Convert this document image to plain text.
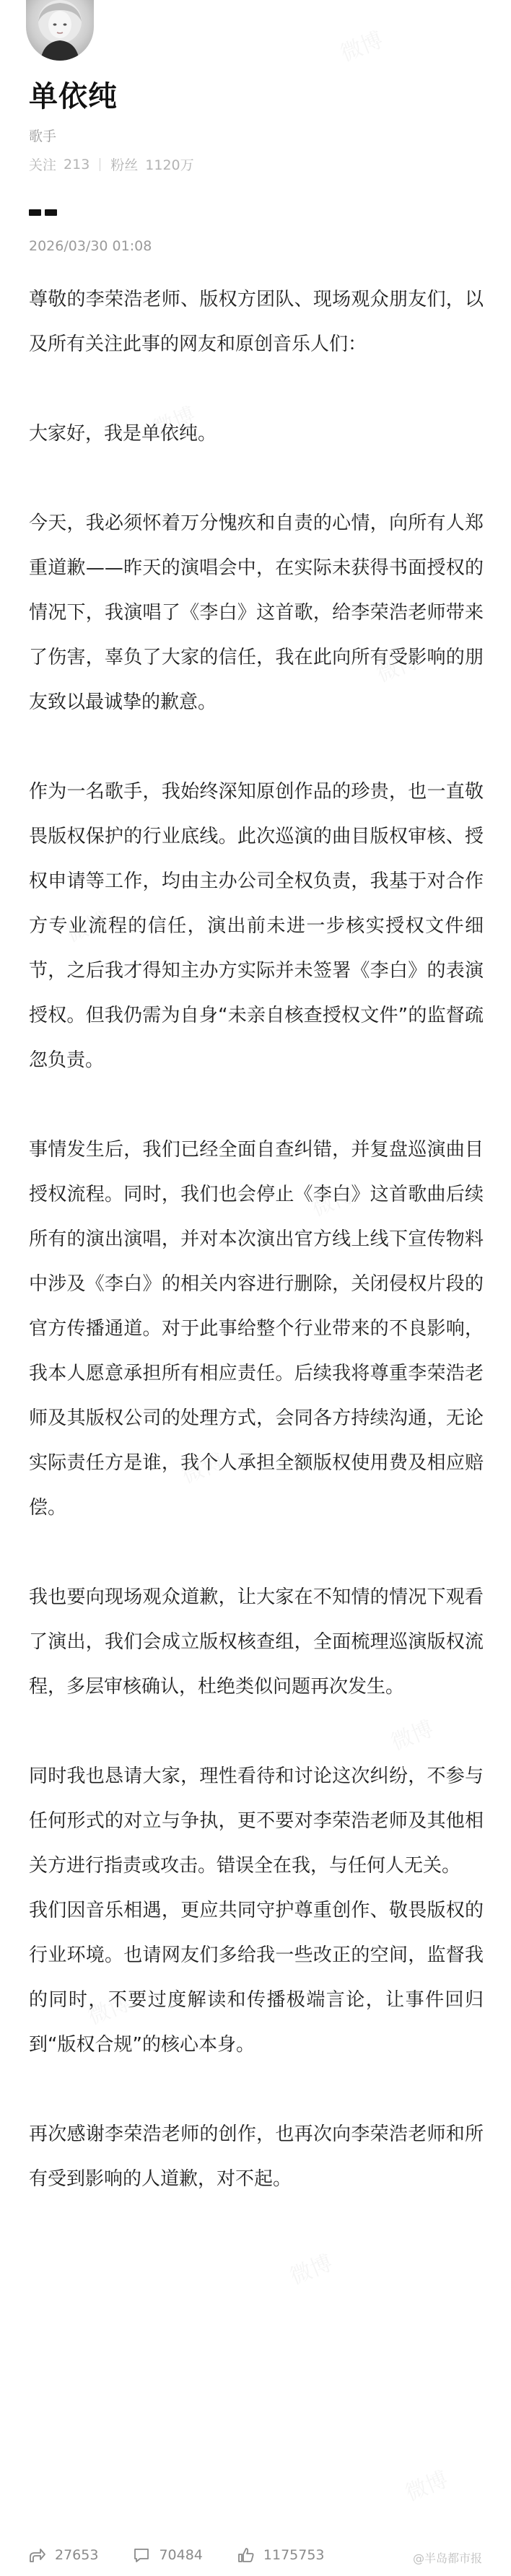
单依纯
歌手
关注 213 粉丝 1120万
2026/03/30 01:08

尊敬的李荣浩老师、版权方团队、现场观众朋友们，以及所有关注此事的网友和原创音乐人们：

大家好，我是单依纯。

今天，我必须怀着万分愧疚和自责的心情，向所有人郑重道歉——昨天的演唱会中，在实际未获得书面授权的情况下，我演唱了《李白》这首歌，给李荣浩老师带来了伤害，辜负了大家的信任，我在此向所有受影响的朋友致以最诚挚的歉意。

作为一名歌手，我始终深知原创作品的珍贵，也一直敬畏版权保护的行业底线。此次巡演的曲目版权审核、授权申请等工作，均由主办公司全权负责，我基于对合作方专业流程的信任，演出前未进一步核实授权文件细节，之后我才得知主办方实际并未签署《李白》的表演授权。但我仍需为自身“未亲自核查授权文件”的监督疏忽负责。

事情发生后，我们已经全面自查纠错，并复盘巡演曲目授权流程。同时，我们也会停止《李白》这首歌曲后续所有的演出演唱，并对本次演出官方线上线下宣传物料中涉及《李白》的相关内容进行删除，关闭侵权片段的官方传播通道。对于此事给整个行业带来的不良影响，我本人愿意承担所有相应责任。后续我将尊重李荣浩老师及其版权公司的处理方式，会同各方持续沟通，无论实际责任方是谁，我个人承担全额版权使用费及相应赔偿。

我也要向现场观众道歉，让大家在不知情的情况下观看了演出，我们会成立版权核查组，全面梳理巡演版权流程，多层审核确认，杜绝类似问题再次发生。

同时我也恳请大家，理性看待和讨论这次纠纷，不参与任何形式的对立与争执，更不要对李荣浩老师及其他相关方进行指责或攻击。错误全在我，与任何人无关。

我们因音乐相遇，更应共同守护尊重创作、敬畏版权的行业环境。也请网友们多给我一些改正的空间，监督我的同时，不要过度解读和传播极端言论，让事件回归到“版权合规”的核心本身。

再次感谢李荣浩老师的创作，也再次向李荣浩老师和所有受到影响的人道歉，对不起。

27653	70484	1175753	@半岛都市报
